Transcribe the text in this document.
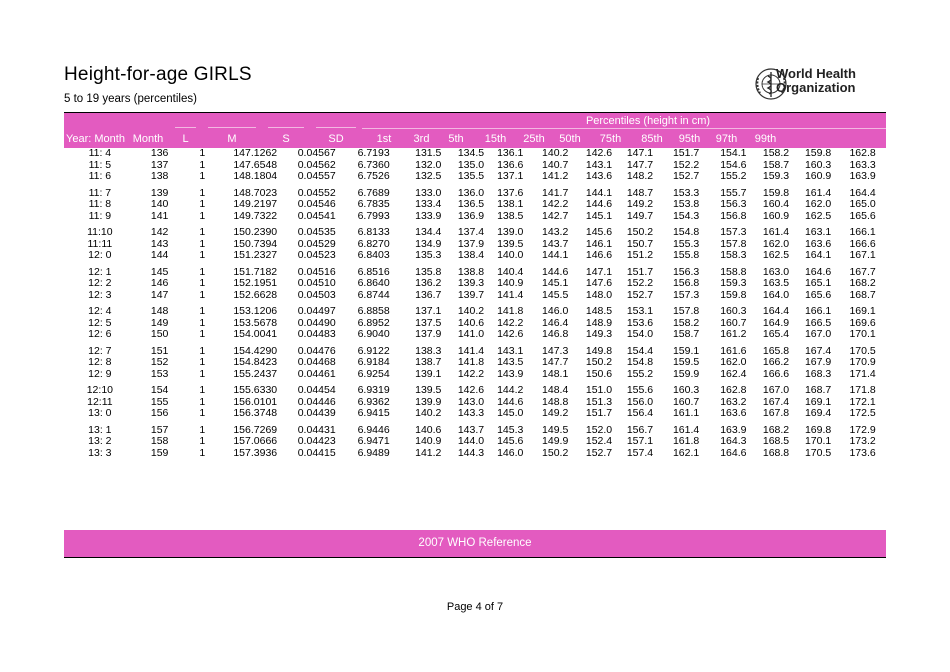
Height-for-age GIRLS
5 to 19 years (percentiles)
World Health
Organization
Percentiles (height in cm)
Year: Month Month	L	M	S	SD	1st	3rd	5th	15th	25th	50th	75th	85th	95th	97th	99th
11: 4	136	1	147.1262	0.04567	6.7193	131.5	134.5	136.1	140.2	142.6	147.1	151.7	154.1	158.2	159.8	162.8
11: 5	137	1	147.6548	0.04562	6.7360	132.0	135.0	136.6	140.7	143.1	147.7	152.2	154.6	158.7	160.3	163.3
11: 6	138	1	148.1804	0.04557	6.7526	132.5	135.5	137.1	141.2	143.6	148.2	152.7	155.2	159.3	160.9	163.9
11: 7	139	1	148.7023	0.04552	6.7689	133.0	136.0	137.6	141.7	144.1	148.7	153.3	155.7	159.8	161.4	164.4
11: 8	140	1	149.2197	0.04546	6.7835	133.4	136.5	138.1	142.2	144.6	149.2	153.8	156.3	160.4	162.0	165.0
11: 9	141	1	149.7322	0.04541	6.7993	133.9	136.9	138.5	142.7	145.1	149.7	154.3	156.8	160.9	162.5	165.6
11:10	142	1	150.2390	0.04535	6.8133	134.4	137.4	139.0	143.2	145.6	150.2	154.8	157.3	161.4	163.1	166.1
11:11	143	1	150.7394	0.04529	6.8270	134.9	137.9	139.5	143.7	146.1	150.7	155.3	157.8	162.0	163.6	166.6
12: 0	144	1	151.2327	0.04523	6.8403	135.3	138.4	140.0	144.1	146.6	151.2	155.8	158.3	162.5	164.1	167.1
12: 1	145	1	151.7182	0.04516	6.8516	135.8	138.8	140.4	144.6	147.1	151.7	156.3	158.8	163.0	164.6	167.7
12: 2	146	1	152.1951	0.04510	6.8640	136.2	139.3	140.9	145.1	147.6	152.2	156.8	159.3	163.5	165.1	168.2
12: 3	147	1	152.6628	0.04503	6.8744	136.7	139.7	141.4	145.5	148.0	152.7	157.3	159.8	164.0	165.6	168.7
12: 4	148	1	153.1206	0.04497	6.8858	137.1	140.2	141.8	146.0	148.5	153.1	157.8	160.3	164.4	166.1	169.1
12: 5	149	1	153.5678	0.04490	6.8952	137.5	140.6	142.2	146.4	148.9	153.6	158.2	160.7	164.9	166.5	169.6
12: 6	150	1	154.0041	0.04483	6.9040	137.9	141.0	142.6	146.8	149.3	154.0	158.7	161.2	165.4	167.0	170.1
12: 7	151	1	154.4290	0.04476	6.9122	138.3	141.4	143.1	147.3	149.8	154.4	159.1	161.6	165.8	167.4	170.5
12: 8	152	1	154.8423	0.04468	6.9184	138.7	141.8	143.5	147.7	150.2	154.8	159.5	162.0	166.2	167.9	170.9
12: 9	153	1	155.2437	0.04461	6.9254	139.1	142.2	143.9	148.1	150.6	155.2	159.9	162.4	166.6	168.3	171.4
12:10	154	1	155.6330	0.04454	6.9319	139.5	142.6	144.2	148.4	151.0	155.6	160.3	162.8	167.0	168.7	171.8
12:11	155	1	156.0101	0.04446	6.9362	139.9	143.0	144.6	148.8	151.3	156.0	160.7	163.2	167.4	169.1	172.1
13: 0	156	1	156.3748	0.04439	6.9415	140.2	143.3	145.0	149.2	151.7	156.4	161.1	163.6	167.8	169.4	172.5
13: 1	157	1	156.7269	0.04431	6.9446	140.6	143.7	145.3	149.5	152.0	156.7	161.4	163.9	168.2	169.8	172.9
13: 2	158	1	157.0666	0.04423	6.9471	140.9	144.0	145.6	149.9	152.4	157.1	161.8	164.3	168.5	170.1	173.2
13: 3	159	1	157.3936	0.04415	6.9489	141.2	144.3	146.0	150.2	152.7	157.4	162.1	164.6	168.8	170.5	173.6
2007 WHO Reference
Page 4 of 7
